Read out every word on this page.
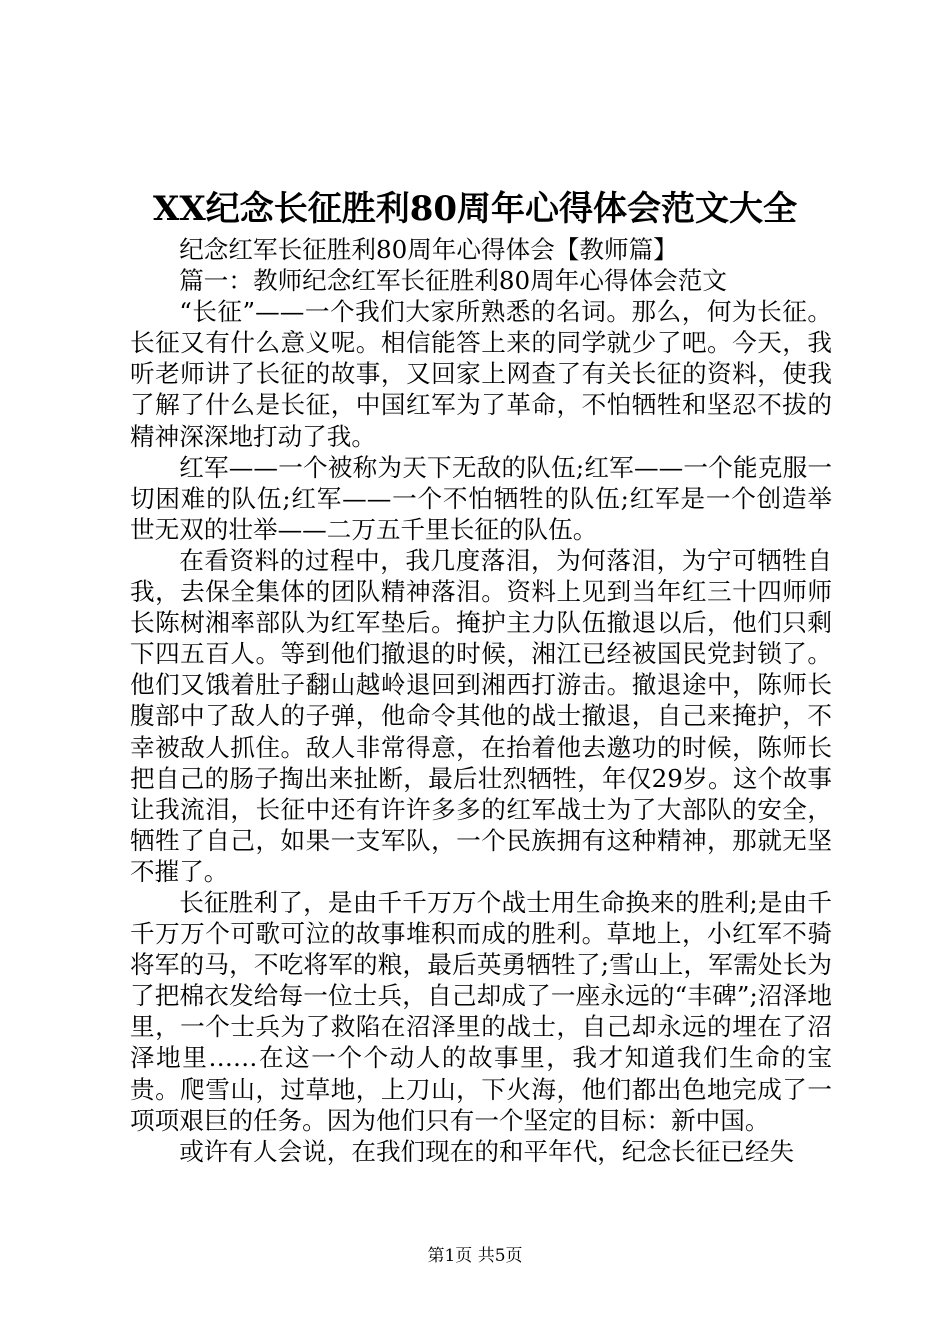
XX纪念长征胜利80周年心得体会范文大全

纪念红军长征胜利80周年心得体会【教师篇】

篇一：教师纪念红军长征胜利80周年心得体会范文

“长征”——一个我们大家所熟悉的名词。那么，何为长征。长征又有什么意义呢。相信能答上来的同学就少了吧。今天，我听老师讲了长征的故事，又回家上网查了有关长征的资料，使我了解了什么是长征，中国红军为了革命，不怕牺牲和坚忍不拔的精神深深地打动了我。

红军——一个被称为天下无敌的队伍;红军——一个能克服一切困难的队伍;红军——一个不怕牺牲的队伍;红军是一个创造举世无双的壮举——二万五千里长征的队伍。

在看资料的过程中，我几度落泪，为何落泪，为宁可牺牲自我，去保全集体的团队精神落泪。资料上见到当年红三十四师师长陈树湘率部队为红军垫后。掩护主力队伍撤退以后，他们只剩下四五百人。等到他们撤退的时候，湘江已经被国民党封锁了。他们又饿着肚子翻山越岭退回到湘西打游击。撤退途中，陈师长腹部中了敌人的子弹，他命令其他的战士撤退，自己来掩护，不幸被敌人抓住。敌人非常得意，在抬着他去邀功的时候，陈师长把自己的肠子掏出来扯断，最后壮烈牺牲，年仅29岁。这个故事让我流泪，长征中还有许许多多的红军战士为了大部队的安全，牺牲了自己，如果一支军队，一个民族拥有这种精神，那就无坚不摧了。

长征胜利了，是由千千万万个战士用生命换来的胜利;是由千千万万个可歌可泣的故事堆积而成的胜利。草地上，小红军不骑将军的马，不吃将军的粮，最后英勇牺牲了;雪山上，军需处长为了把棉衣发给每一位士兵，自己却成了一座永远的“丰碑”;沼泽地里，一个士兵为了救陷在沼泽里的战士，自己却永远的埋在了沼泽地里……在这一个个动人的故事里，我才知道我们生命的宝贵。爬雪山，过草地，上刀山，下火海，他们都出色地完成了一项项艰巨的任务。因为他们只有一个坚定的目标：新中国。

或许有人会说，在我们现在的和平年代，纪念长征已经失

第1页 共5页
